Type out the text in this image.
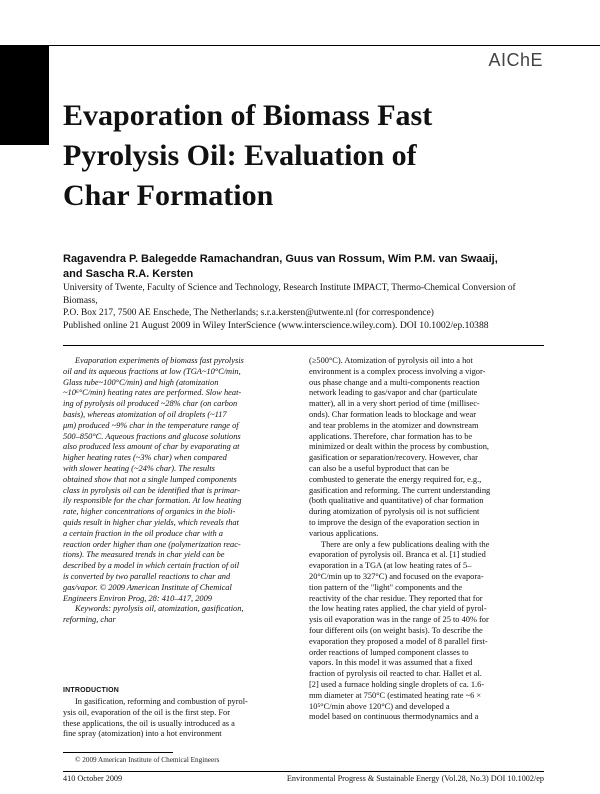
AIChE
Evaporation of Biomass Fast
Pyrolysis Oil: Evaluation of
Char Formation
Ragavendra P. Balegedde Ramachandran, Guus van Rossum, Wim P.M. van Swaaij,
and Sascha R.A. Kersten
University of Twente, Faculty of Science and Technology, Research Institute IMPACT, Thermo-Chemical Conversion of Biomass,
P.O. Box 217, 7500 AE Enschede, The Netherlands; s.r.a.kersten@utwente.nl (for correspondence)
Published online 21 August 2009 in Wiley InterScience (www.interscience.wiley.com). DOI 10.1002/ep.10388
Evaporation experiments of biomass fast pyrolysis
oil and its aqueous fractions at low (TGA~10°C/min,
Glass tube~100°C/min) and high (atomization
~10⁶°C/min) heating rates are performed. Slow heat-
ing of pyrolysis oil produced ~28% char (on carbon
basis), whereas atomization of oil droplets (~117
μm) produced ~9% char in the temperature range of
500–850°C. Aqueous fractions and glucose solutions
also produced less amount of char by evaporating at
higher heating rates (~3% char) when compared
with slower heating (~24% char). The results
obtained show that not a single lumped components
class in pyrolysis oil can be identified that is primar-
ily responsible for the char formation. At low heating
rate, higher concentrations of organics in the bioli-
quids result in higher char yields, which reveals that
a certain fraction in the oil produce char with a
reaction order higher than one (polymerization reac-
tions). The measured trends in char yield can be
described by a model in which certain fraction of oil
is converted by two parallel reactions to char and
gas/vapor. © 2009 American Institute of Chemical
Engineers Environ Prog, 28: 410–417, 2009
Keywords: pyrolysis oil, atomization, gasification,
reforming, char
INTRODUCTION
In gasification, reforming and combustion of pyrol-
ysis oil, evaporation of the oil is the first step. For
these applications, the oil is usually introduced as a
fine spray (atomization) into a hot environment
(≥500°C). Atomization of pyrolysis oil into a hot
environment is a complex process involving a vigor-
ous phase change and a multi-components reaction
network leading to gas/vapor and char (particulate
matter), all in a very short period of time (millisec-
onds). Char formation leads to blockage and wear
and tear problems in the atomizer and downstream
applications. Therefore, char formation has to be
minimized or dealt within the process by combustion,
gasification or separation/recovery. However, char
can also be a useful byproduct that can be
combusted to generate the energy required for, e.g.,
gasification and reforming. The current understanding
(both qualitative and quantitative) of char formation
during atomization of pyrolysis oil is not sufficient
to improve the design of the evaporation section in
various applications.
There are only a few publications dealing with the
evaporation of pyrolysis oil. Branca et al. [1] studied
evaporation in a TGA (at low heating rates of 5–
20°C/min up to 327°C) and focused on the evapora-
tion pattern of the "light" components and the
reactivity of the char residue. They reported that for
the low heating rates applied, the char yield of pyrol-
ysis oil evaporation was in the range of 25 to 40% for
four different oils (on weight basis). To describe the
evaporation they proposed a model of 8 parallel first-
order reactions of lumped component classes to
vapors. In this model it was assumed that a fixed
fraction of pyrolysis oil reacted to char. Hallet et al.
[2] used a furnace holding single droplets of ca. 1.6-
mm diameter at 750°C (estimated heating rate ~6 ×
10⁵°C/min above 120°C) and developed a
model based on continuous thermodynamics and a
© 2009 American Institute of Chemical Engineers
410 October 2009	Environmental Progress & Sustainable Energy (Vol.28, No.3) DOI 10.1002/ep
